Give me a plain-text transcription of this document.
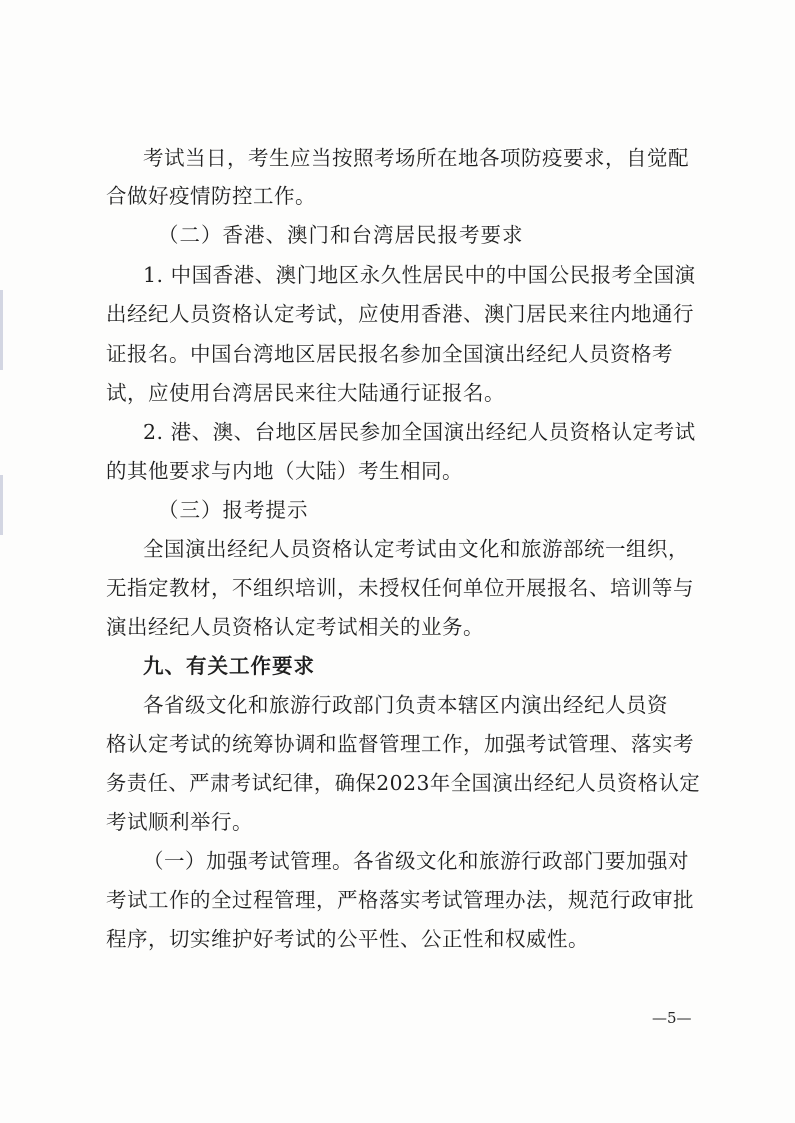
考试当日，考生应当按照考场所在地各项防疫要求，自觉配
合做好疫情防控工作。
（二）香港、澳门和台湾居民报考要求
1. 中国香港、澳门地区永久性居民中的中国公民报考全国演
出经纪人员资格认定考试，应使用香港、澳门居民来往内地通行
证报名。中国台湾地区居民报名参加全国演出经纪人员资格考
试，应使用台湾居民来往大陆通行证报名。
2. 港、澳、台地区居民参加全国演出经纪人员资格认定考试
的其他要求与内地（大陆）考生相同。
（三）报考提示
全国演出经纪人员资格认定考试由文化和旅游部统一组织，
无指定教材，不组织培训，未授权任何单位开展报名、培训等与
演出经纪人员资格认定考试相关的业务。
九、有关工作要求
各省级文化和旅游行政部门负责本辖区内演出经纪人员资
格认定考试的统筹协调和监督管理工作，加强考试管理、落实考
务责任、严肃考试纪律，确保2023年全国演出经纪人员资格认定
考试顺利举行。
（一）加强考试管理。各省级文化和旅游行政部门要加强对
考试工作的全过程管理，严格落实考试管理办法，规范行政审批
程序，切实维护好考试的公平性、公正性和权威性。
—5—
